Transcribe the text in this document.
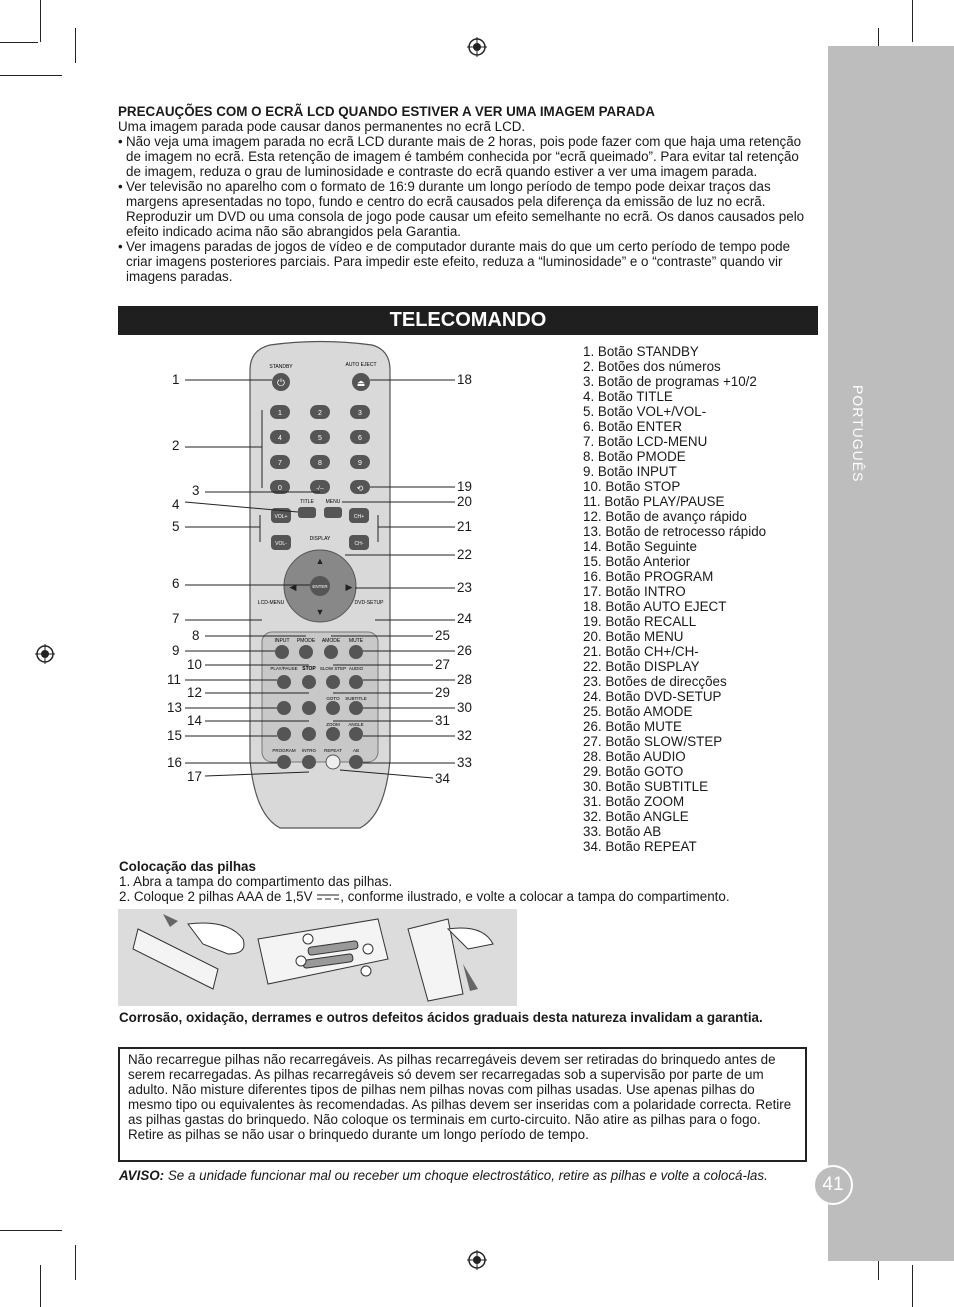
PORTUGUÊS
41
PRECAUÇÕES COM O ECRÃ LCD QUANDO ESTIVER A VER UMA IMAGEM PARADA
Uma imagem parada pode causar danos permanentes no ecrã LCD.
• Não veja uma imagem parada no ecrã LCD durante mais de 2 horas, pois pode fazer com que haja uma retenção de imagem no ecrã. Esta retenção de imagem é também conhecida por “ecrã queimado”. Para evitar tal retenção de imagem, reduza o grau de luminosidade e contraste do ecrã quando estiver a ver uma imagem parada.
• Ver televisão no aparelho com o formato de 16:9 durante um longo período de tempo pode deixar traços das margens apresentadas no topo, fundo e centro do ecrã causados pela diferença da emissão de luz no ecrã. Reproduzir um DVD ou uma consola de jogo pode causar um efeito semelhante no ecrã. Os danos causados pelo efeito indicado acima não são abrangidos pela Garantia.
• Ver imagens paradas de jogos de vídeo e de computador durante mais do que um certo período de tempo pode criar imagens posteriores parciais. Para impedir este efeito, reduza a “luminosidade” e o “contraste” quando vir imagens paradas.
TELECOMANDO
STANDBY	AUTO EJECT
⏻	⏏
1	2	3
4	5	6
7	8	9
0	-/--	⟲
TITLE MENU
VOL+	CH+
VOL-	CH-
DISPLAY
ENTER
▲
▼
◀	▶
LCD-MENU	DVD-SETUP
INPUT PMODE AMODE MUTE
PLAY/PAUSE STOP SLOW STEP AUDIO
GOTO SUBTITLE
ZOOM ANGLE
PROGRAM INTRO REPEAT AB
1
2
3
4
5
6
7
8
9
10
11
12
13
14
15
16
17
18
19
20
21
22
23
24
25
26
27
28
29
30
31
32
33
34
1. Botão STANDBY
2. Botões dos números
3. Botão de programas +10/2
4. Botão TITLE
5. Botão VOL+/VOL-
6. Botão ENTER
7. Botão LCD-MENU
8. Botão PMODE
9. Botão INPUT
10. Botão STOP
11. Botão PLAY/PAUSE
12. Botão de avanço rápido
13. Botão de retrocesso rápido
14. Botão Seguinte
15. Botão Anterior
16. Botão PROGRAM
17. Botão INTRO
18. Botão AUTO EJECT
19. Botão RECALL
20. Botão MENU
21. Botão CH+/CH-
22. Botão DISPLAY
23. Botões de direcções
24. Botão DVD-SETUP
25. Botão AMODE
26. Botão MUTE
27. Botão SLOW/STEP
28. Botão AUDIO
29. Botão GOTO
30. Botão SUBTITLE
31. Botão ZOOM
32. Botão ANGLE
33. Botão AB
34. Botão REPEAT
Colocação das pilhas
1. Abra a tampa do compartimento das pilhas.
2. Coloque 2 pilhas AAA de 1,5V , conforme ilustrado, e volte a colocar a tampa do compartimento.
Corrosão, oxidação, derrames e outros defeitos ácidos graduais desta natureza invalidam a garantia.
Não recarregue pilhas não recarregáveis. As pilhas recarregáveis devem ser retiradas do brinquedo antes de serem recarregadas. As pilhas recarregáveis só devem ser recarregadas sob a supervisão por parte de um adulto. Não misture diferentes tipos de pilhas nem pilhas novas com pilhas usadas. Use apenas pilhas do mesmo tipo ou equivalentes às recomendadas. As pilhas devem ser inseridas com a polaridade correcta. Retire as pilhas gastas do brinquedo. Não coloque os terminais em curto-circuito. Não atire as pilhas para o fogo. Retire as pilhas se não usar o brinquedo durante um longo período de tempo.
AVISO: Se a unidade funcionar mal ou receber um choque electrostático, retire as pilhas e volte a colocá-las.
